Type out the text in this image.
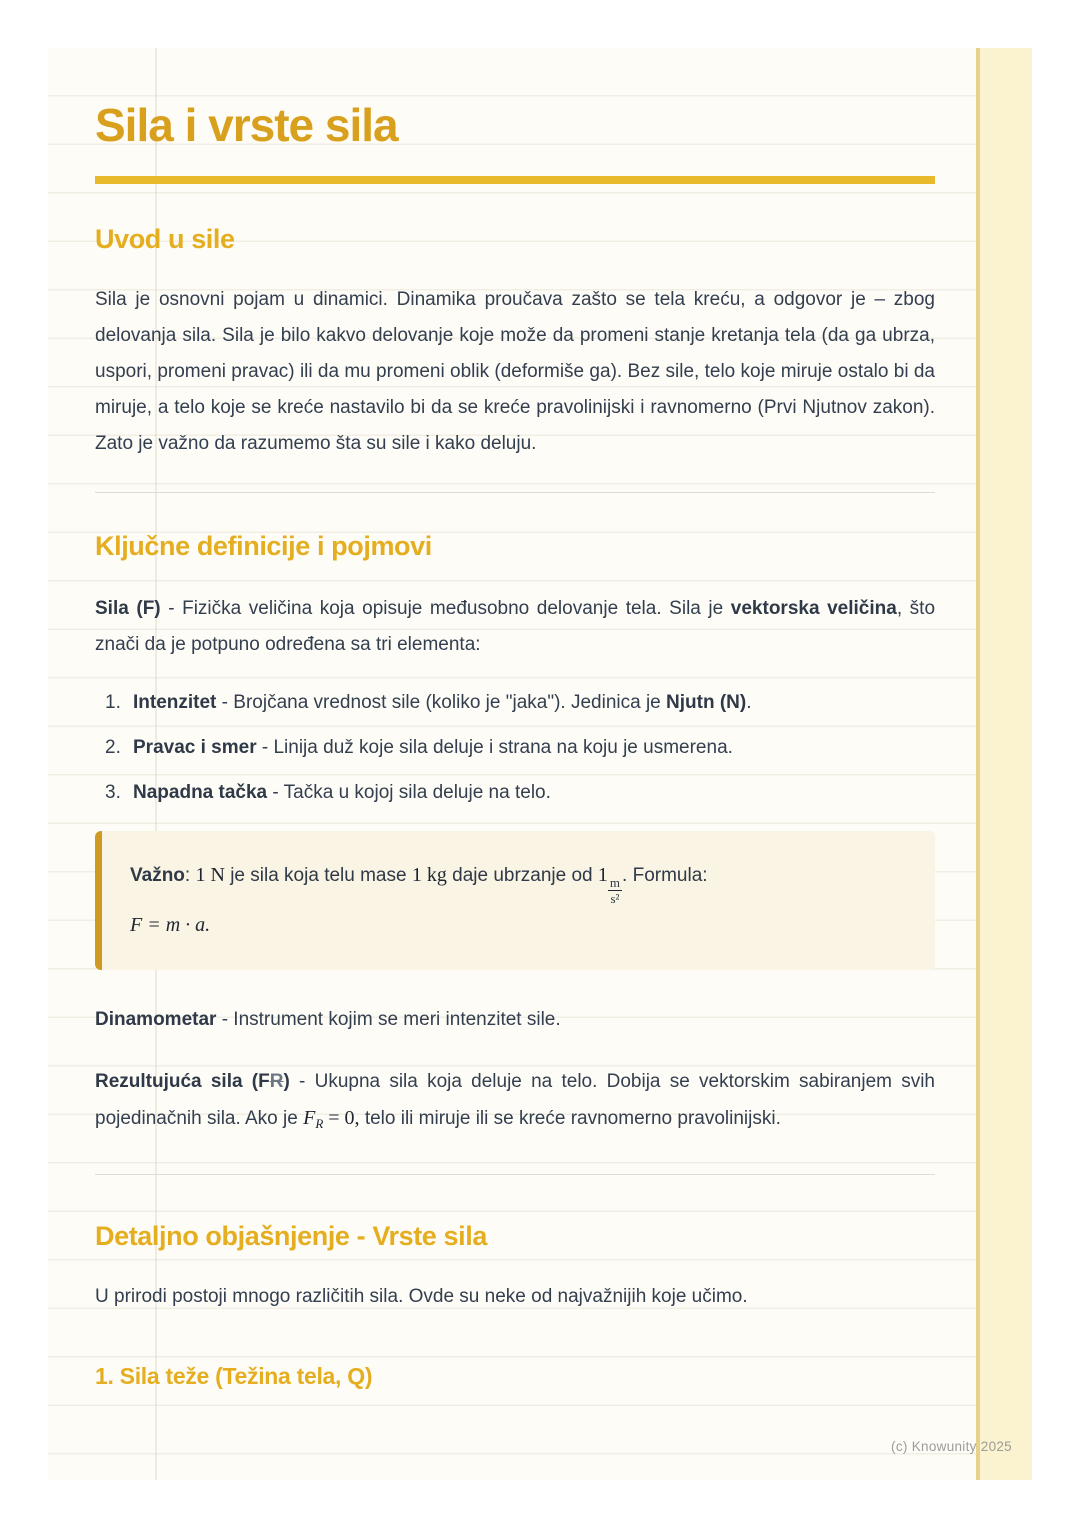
Sila i vrste sila
Uvod u sile

Sila je osnovni pojam u dinamici. Dinamika proučava zašto se tela kreću, a odgovor je – zbog delovanja sila. Sila je bilo kakvo delovanje koje može da promeni stanje kretanja tela (da ga ubrza, uspori, promeni pravac) ili da mu promeni oblik (deformiše ga). Bez sile, telo koje miruje ostalo bi da miruje, a telo koje se kreće nastavilo bi da se kreće pravolinijski i ravnomerno (Prvi Njutnov zakon). Zato je važno da razumemo šta su sile i kako deluju.

Ključne definicije i pojmovi

Sila (F) - Fizička veličina koja opisuje međusobno delovanje tela. Sila je vektorska veličina, što znači da je potpuno određena sa tri elementa:

1. Intenzitet - Brojčana vrednost sile (koliko je "jaka"). Jedinica je Njutn (N).
2. Pravac i smer - Linija duž koje sila deluje i strana na koju je usmerena.
3. Napadna tačka - Tačka u kojoj sila deluje na telo.
Važno: 1 N je sila koja telu mase 1 kg daje ubrzanje od 1
$\frac{m}{\text{s²}}$
. Formula:
F = m · a.

Dinamometar - Instrument kojim se meri intenzitet sile.

Rezultujuća sila (FR) - Ukupna sila koja deluje na telo. Dobija se vektorskim sabiranjem svih pojedinačnih sila. Ako je $F_R = 0$, telo ili miruje ili se kreće ravnomerno pravolinijski.

Detaljno objašnjenje - Vrste sila

U prirodi postoji mnogo različitih sila. Ovde su neke od najvažnijih koje učimo.

1. Sila teže (Težina tela, Q)
(c) Knowunity 2025
